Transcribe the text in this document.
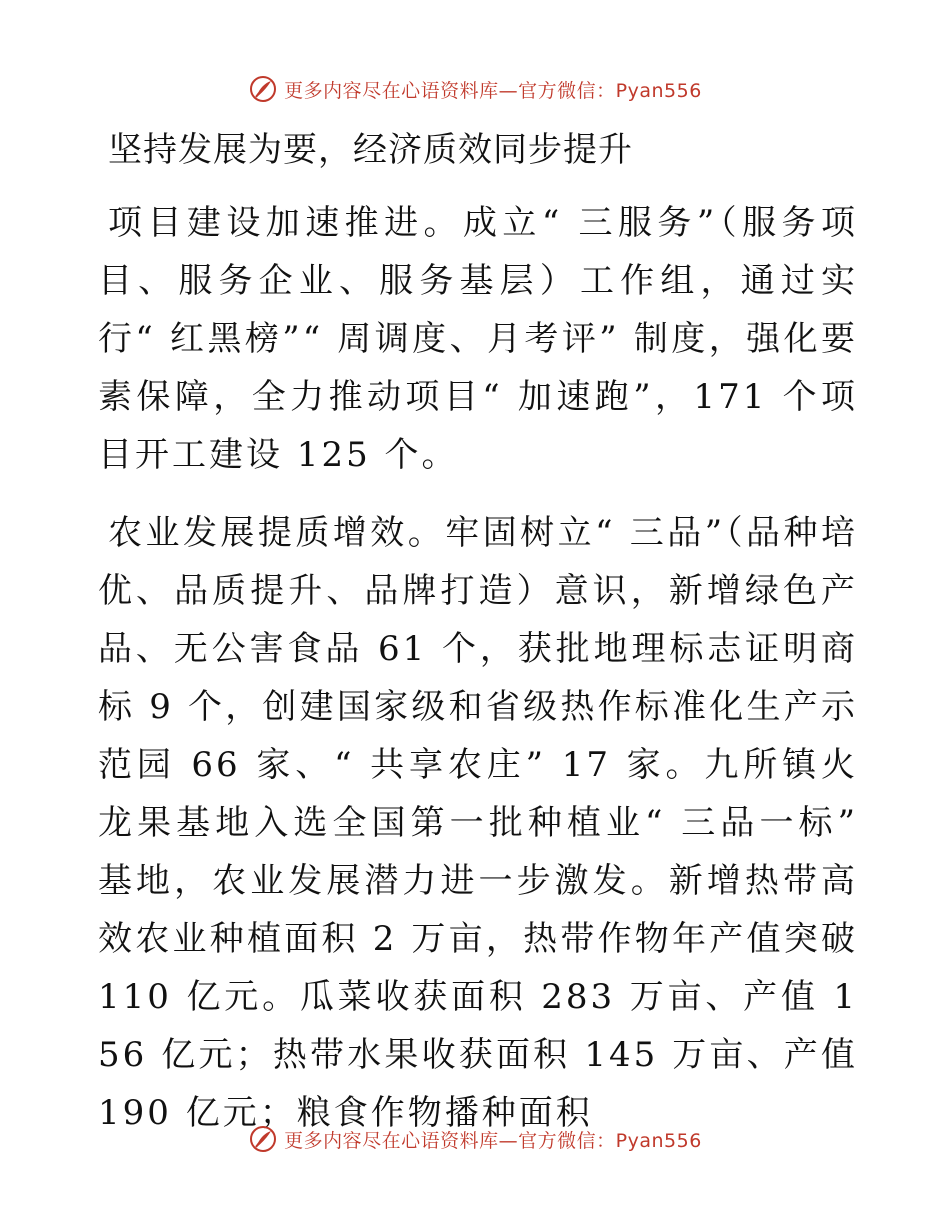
更多内容尽在心语资料库—官方微信：Pyan556
坚持发展为要，经济质效同步提升

项目建设加速推进。成立“ 三服务”（服务项目、服务企业、服务基层）工作组，通过实行“ 红黑榜”“ 周调度、月考评” 制度，强化要素保障，全力推动项目“ 加速跑”，171 个项目开工建设 125 个。

农业发展提质增效。牢固树立“ 三品”（品种培优、品质提升、品牌打造）意识，新增绿色产品、无公害食品 61 个，获批地理标志证明商标 9 个，创建国家级和省级热作标准化生产示范园 66 家、“ 共享农庄” 17 家。九所镇火龙果基地入选全国第一批种植业“ 三品一标” 基地，农业发展潜力进一步激发。新增热带高效农业种植面积 2 万亩，热带作物年产值突破 110 亿元。瓜菜收获面积 283 万亩、产值 156 亿元；热带水果收获面积 145 万亩、产值 190 亿元；粮食作物播种面积

更多内容尽在心语资料库—官方微信：Pyan556
